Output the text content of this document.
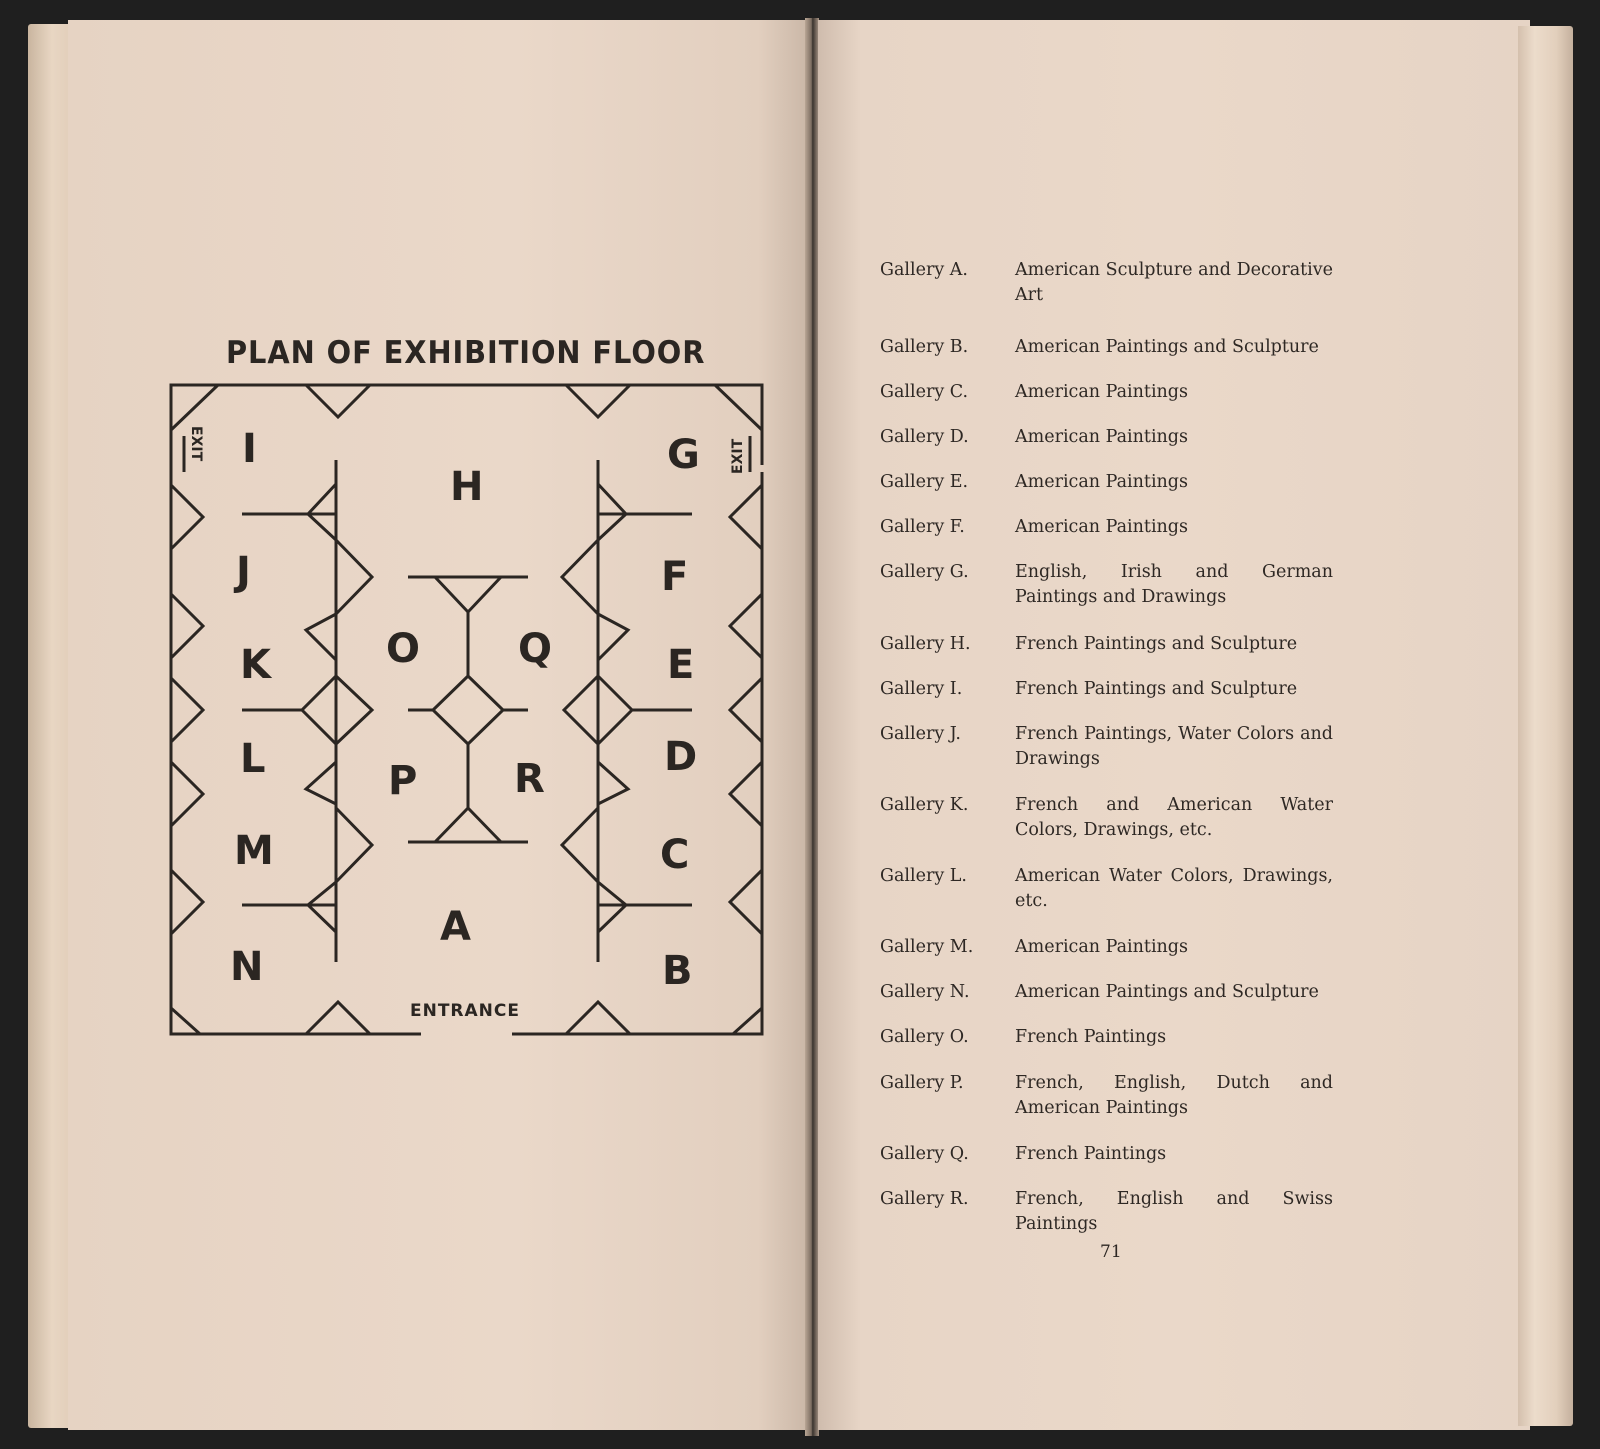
PLAN OF EXHIBITION FLOOR
EXIT	EXIT
I
H
G
J	F
K	O Q	E
L	P R	D
M	C
A
N	B
ENTRANCE
Gallery A.	American Sculpture and Decorative Art
Gallery B.	American Paintings and Sculpture
Gallery C.	American Paintings
Gallery D.	American Paintings
Gallery E.	American Paintings
Gallery F.	American Paintings
Gallery G.	English, Irish and German Paintings and Drawings
Gallery H.	French Paintings and Sculpture
Gallery I.	French Paintings and Sculpture
Gallery J.	French Paintings, Water Colors and Drawings
Gallery K.	French and American Water Colors, Drawings, etc.
Gallery L.	American Water Colors, Drawings, etc.
Gallery M. American Paintings
Gallery N.	American Paintings and Sculpture
Gallery O.	French Paintings
Gallery P.	French, English, Dutch and American Paintings
Gallery Q.	French Paintings
Gallery R.	French, English and Swiss Paintings
71
